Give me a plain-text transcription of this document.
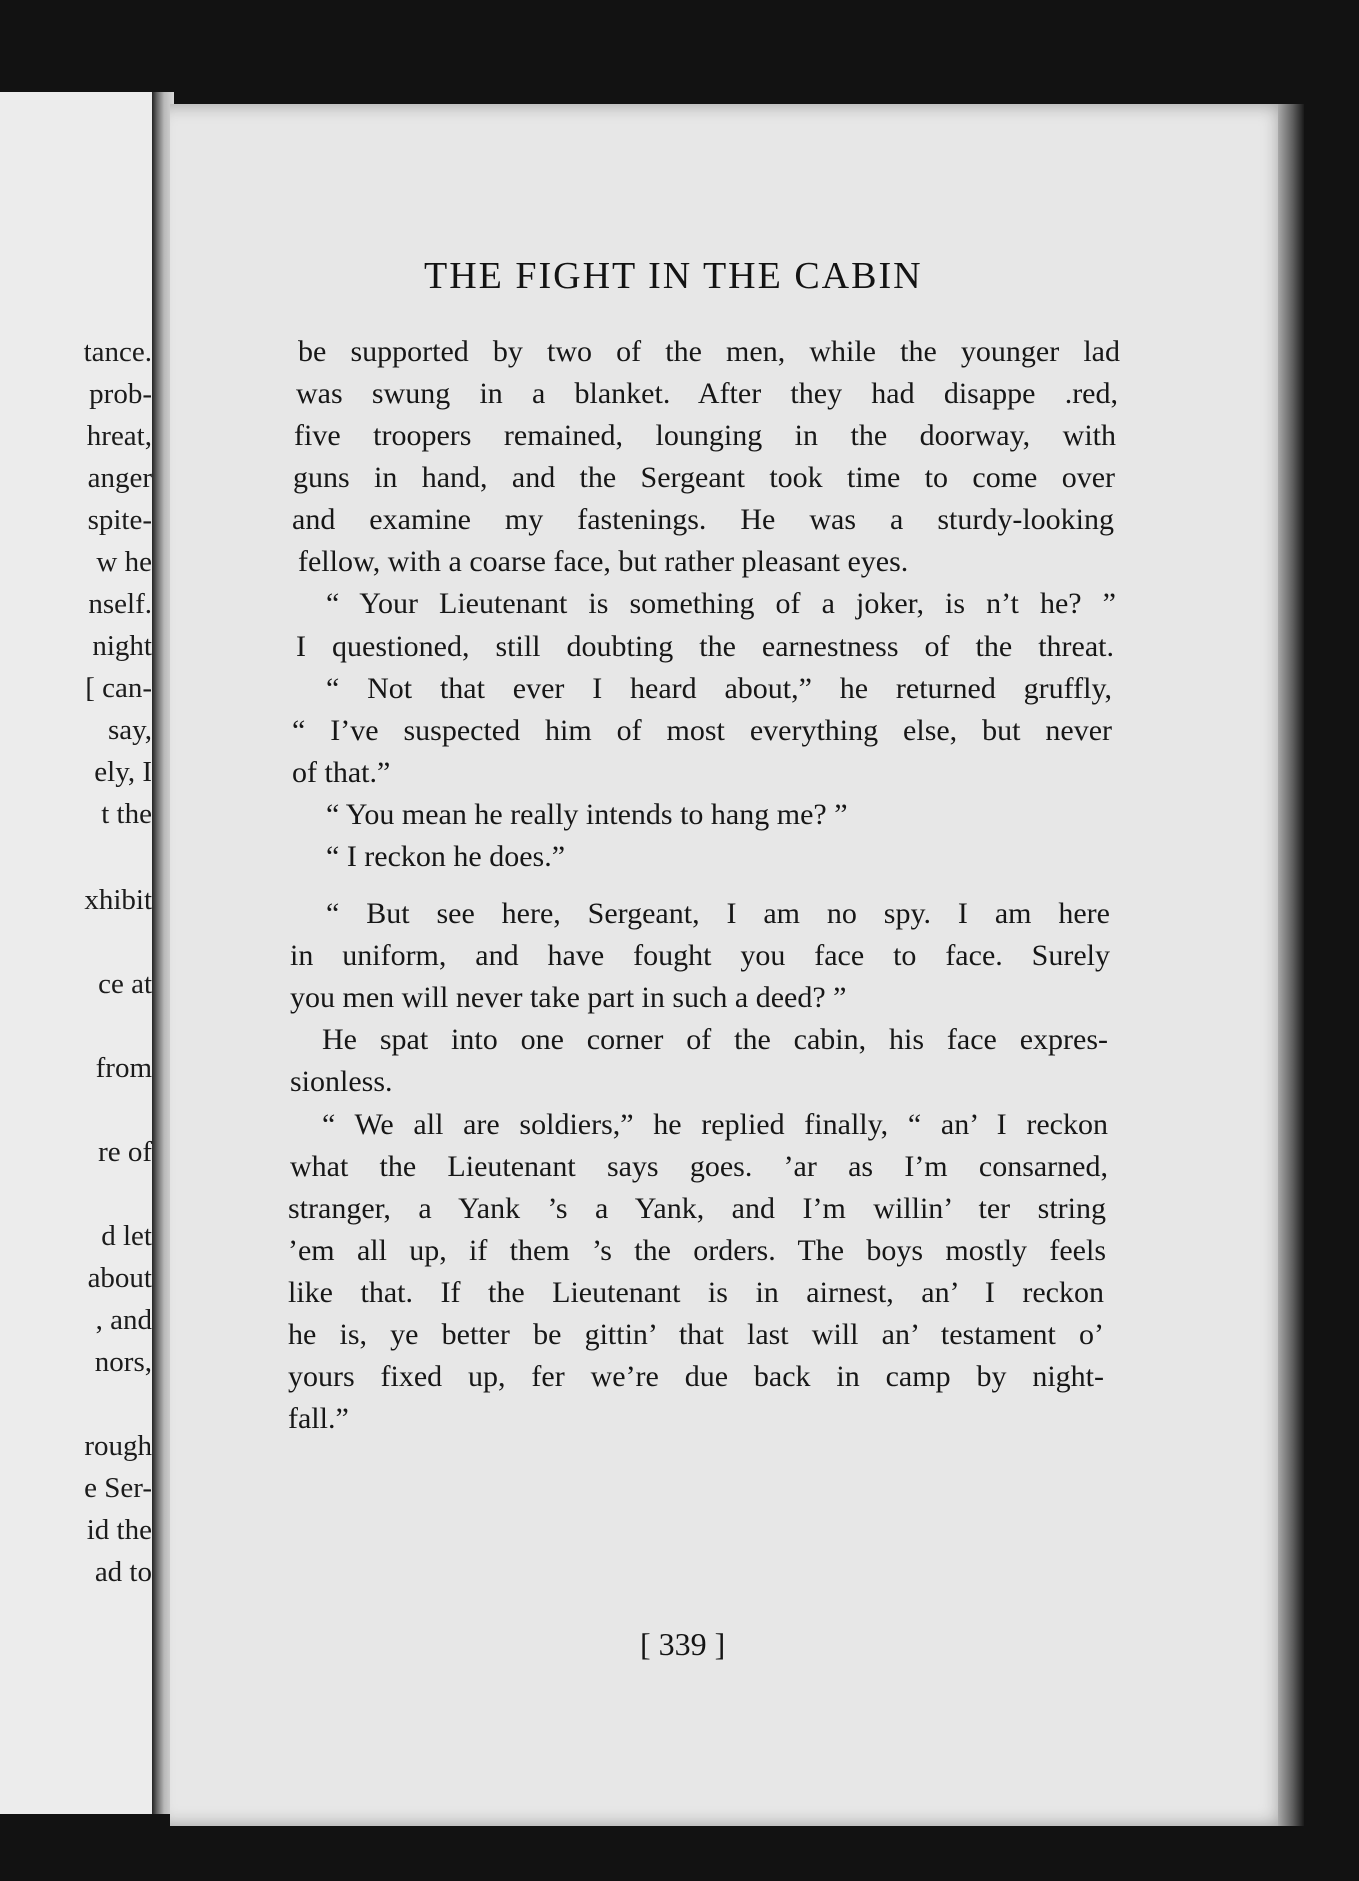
tance.
prob-
hreat,
anger
spite-
w he
nself.
night
[ can-
say,
ely, I
t the
xhibit
ce at
from
re of
d let
about
, and
nors,
rough
e Ser-
id the
ad to
THE FIGHT IN THE CABIN

be supported by two of the men, while the younger lad

was swung in a blanket. After they had disappe .red,

five troopers remained, lounging in the doorway, with

guns in hand, and the Sergeant took time to come over

and examine my fastenings. He was a sturdy-looking

fellow, with a coarse face, but rather pleasant eyes.

“ Your Lieutenant is something of a joker, is n’t he? ”

I questioned, still doubting the earnestness of the threat.

“ Not that ever I heard about,” he returned gruffly,

“ I’ve suspected him of most everything else, but never

of that.”

“ You mean he really intends to hang me? ”

“ I reckon he does.”

“ But see here, Sergeant, I am no spy. I am here

in uniform, and have fought you face to face. Surely

you men will never take part in such a deed? ”

He spat into one corner of the cabin, his face expres-

sionless.

“ We all are soldiers,” he replie⁠d finally, “ an’ I reckon

what the Lieutenant says goes. ’ar as I’m consarned,

stranger, a Yank ’s a Yank, and I’m willin’ ter string

’em all up, if them ’s the orders. The boys mostly feels

like that. If the Lieutenant is in airnest, an’ I reckon

he is, ye better be gittin’ that last will an’ testament o’

yours fixed up, fer we’re due back in camp by night-

fall.”

[ 339 ]
